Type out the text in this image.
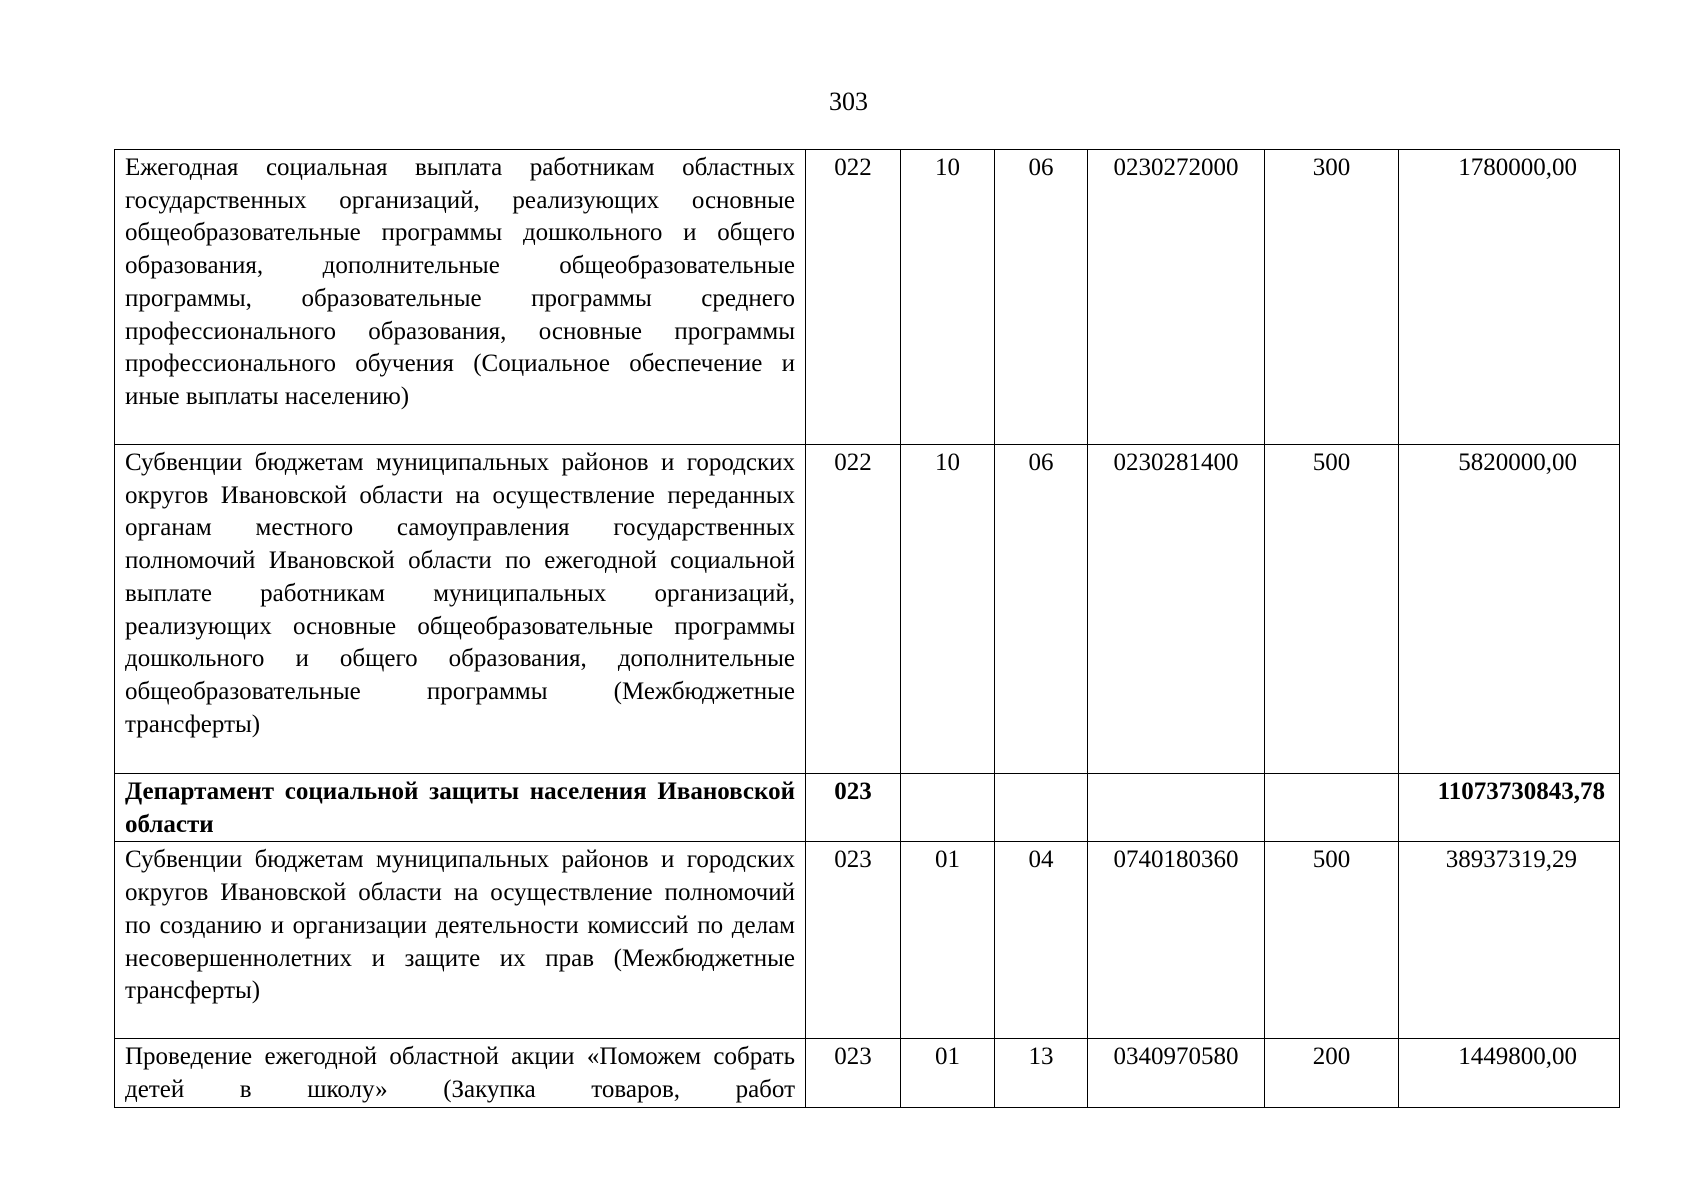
303
Ежегодная социальная выплата работникам областных государственных организаций, реализующих основные общеобразовательные программы дошкольного и общего образования, дополнительные общеобразовательные программы, образовательные программы среднего профессионального образования, основные программы профессионального обучения (Социальное обеспечение и иные выплаты населению)	022	10	06	0230272000	300	1780000,00

Субвенции бюджетам муниципальных районов и городских округов Ивановской области на осуществление переданных органам местного самоуправления государственных полномочий Ивановской области по ежегодной социальной выплате работникам муниципальных организаций, реализующих основные общеобразовательные программы дошкольного и общего образования, дополнительные общеобразовательные программы (Межбюджетные трансферты)	022	10	06	0230281400	500	5820000,00

Департамент социальной защиты населения Ивановской области	023					11073730843,78

Субвенции бюджетам муниципальных районов и городских округов Ивановской области на осуществление полномочий по созданию и организации деятельности комиссий по делам несовершеннолетних и защите их прав (Межбюджетные трансферты)	023	01	04	0740180360	500	38937319,29

Проведение ежегодной областной акции «Поможем собрать детей в школу» (Закупка товаров, работ	023	01	13	0340970580	200	1449800,00
